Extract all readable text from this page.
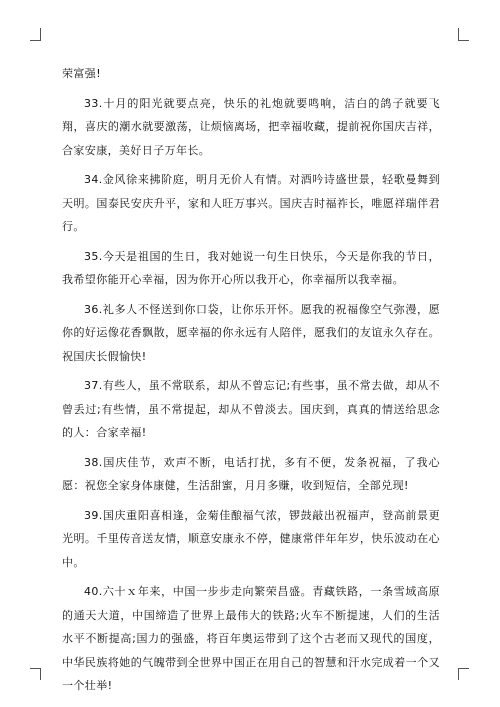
荣富强!

33.十月的阳光就要点亮，快乐的礼炮就要鸣响，洁白的鸽子就要飞翔，喜庆的潮水就要激荡，让烦恼离场，把幸福收藏，提前祝你国庆吉祥，合家安康，美好日子万年长。

34.金风徐来拂阶庭，明月无价人有情。对酒吟诗盛世景，轻歌曼舞到天明。国泰民安庆升平，家和人旺万事兴。国庆吉时福祚长，唯愿祥瑞伴君行。

35.今天是祖国的生日，我对她说一句生日快乐，今天是你我的节日，我希望你能开心幸福，因为你开心所以我开心，你幸福所以我幸福。

36.礼多人不怪送到你口袋，让你乐开怀。愿我的祝福像空气弥漫，愿你的好运像花香飘散，愿幸福的你永远有人陪伴，愿我们的友谊永久存在。祝国庆长假愉快!

37.有些人，虽不常联系，却从不曾忘记;有些事，虽不常去做，却从不曾丢过;有些情，虽不常提起，却从不曾淡去。国庆到，真真的情送给思念的人：合家幸福!

38.国庆佳节，欢声不断，电话打扰，多有不便，发条祝福，了我心愿：祝您全家身体康健，生活甜蜜，月月多赚，收到短信，全部兑现!

39.国庆重阳喜相逢，金菊佳酿福气浓，锣鼓敲出祝福声，登高前景更光明。千里传音送友情，顺意安康永不停，健康常伴年年岁，快乐波动在心中。

40.六十ｘ年来，中国一步步走向繁荣昌盛。青藏铁路，一条雪域高原的通天大道，中国缔造了世界上最伟大的铁路;火车不断提速，人们的生活水平不断提高;国力的强盛，将百年奥运带到了这个古老而又现代的国度，中华民族将她的气魄带到全世界中国正在用自己的智慧和汗水完成着一个又一个壮举!
